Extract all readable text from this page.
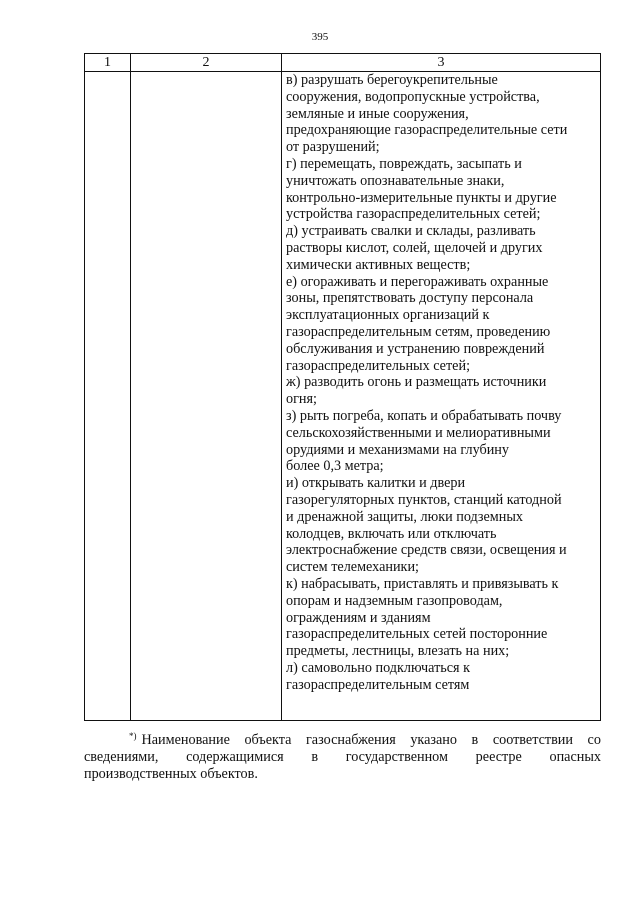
395
1	2	3
в) разрушать берегоукрепительные
сооружения, водопропускные устройства,
земляные и иные сооружения,
предохраняющие газораспределительные сети
от разрушений;
г) перемещать, повреждать, засыпать и
уничтожать опознавательные знаки,
контрольно-измерительные пункты и другие
устройства газораспределительных сетей;
д) устраивать свалки и склады, разливать
растворы кислот, солей, щелочей и других
химически активных веществ;
е) огораживать и перегораживать охранные
зоны, препятствовать доступу персонала
эксплуатационных организаций к
газораспределительным сетям, проведению
обслуживания и устранению повреждений
газораспределительных сетей;
ж) разводить огонь и размещать источники
огня;
з) рыть погреба, копать и обрабатывать почву
сельскохозяйственными и мелиоративными
орудиями и механизмами на глубину
более 0,3 метра;
и) открывать калитки и двери
газорегуляторных пунктов, станций катодной
и дренажной защиты, люки подземных
колодцев, включать или отключать
электроснабжение средств связи, освещения и
систем телемеханики;
к) набрасывать, приставлять и привязывать к
опорам и надземным газопроводам,
ограждениям и зданиям
газораспределительных сетей посторонние
предметы, лестницы, влезать на них;
л) самовольно подключаться к
газораспределительным сетям
*) Наименование объекта газоснабжения указано в соответствии со
сведениями, содержащимися в государственном реестре опасных
производственных объектов.
